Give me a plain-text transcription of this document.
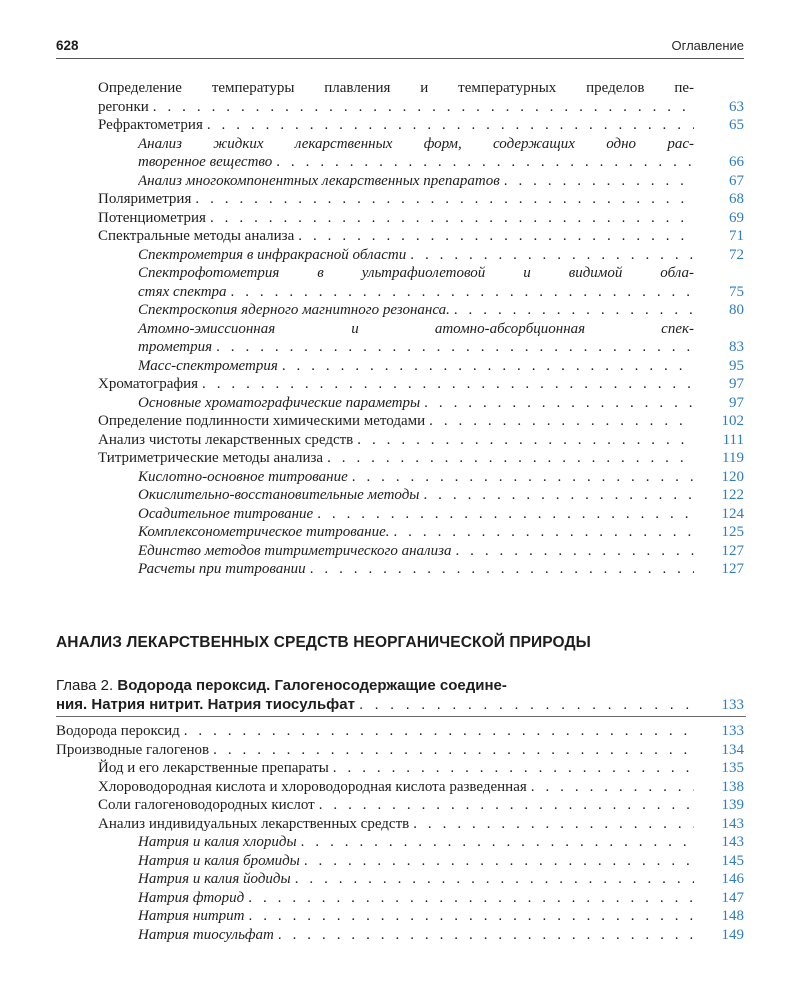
628	Оглавление
Определение температуры плавления и температурных пределов пе-
регонки . . .	63
Рефрактометрия . . .	65
Анализ жидких лекарственных форм, содержащих одно рас-
творенное вещество . . .	66
Анализ многокомпонентных лекарственных препаратов . . .	67
Поляриметрия . . .	68
Потенциометрия . . .	69
Спектральные методы анализа . . .	71
Спектрометрия в инфракрасной области . . .	72
Спектрофотометрия в ультрафиолетовой и видимой обла-
стях спектра . . .	75
Спектроскопия ядерного магнитного резонанса. . . .	80
Атомно-эмиссионная и атомно-абсорбционная спек-
трометрия . . .	83
Масс-спектрометрия . . .	95
Хроматография . . .	97
Основные хроматографические параметры . . .	97
Определение подлинности химическими методами . . .	102
Анализ чистоты лекарственных средств . . .	111
Титриметрические методы анализа . . .	119
Кислотно-основное титрование . . .	120
Окислительно-восстановительные методы . . .	122
Осадительное титрование . . .	124
Комплексонометрическое титрование. . . .	125
Единство методов титриметрического анализа . . .	127
Расчеты при титровании . . .	127
АНАЛИЗ ЛЕКАРСТВЕННЫХ СРЕДСТВ НЕОРГАНИЧЕСКОЙ ПРИРОДЫ
Глава 2. Водорода пероксид. Галогеносодержащие соедине-
ния. Натрия нитрит. Натрия тиосульфат . . .	133
Водорода пероксид . . .	133
Производные галогенов . . .	134
Йод и его лекарственные препараты . . .	135
Хлороводородная кислота и хлороводородная кислота разведенная . . .	138
Соли галогеноводородных кислот . . .	139
Анализ индивидуальных лекарственных средств . . .	143
Натрия и калия хлориды . . .	143
Натрия и калия бромиды . . .	145
Натрия и калия йодиды . . .	146
Натрия фторид . . .	147
Натрия нитрит . . .	148
Натрия тиосульфат . . .	149
